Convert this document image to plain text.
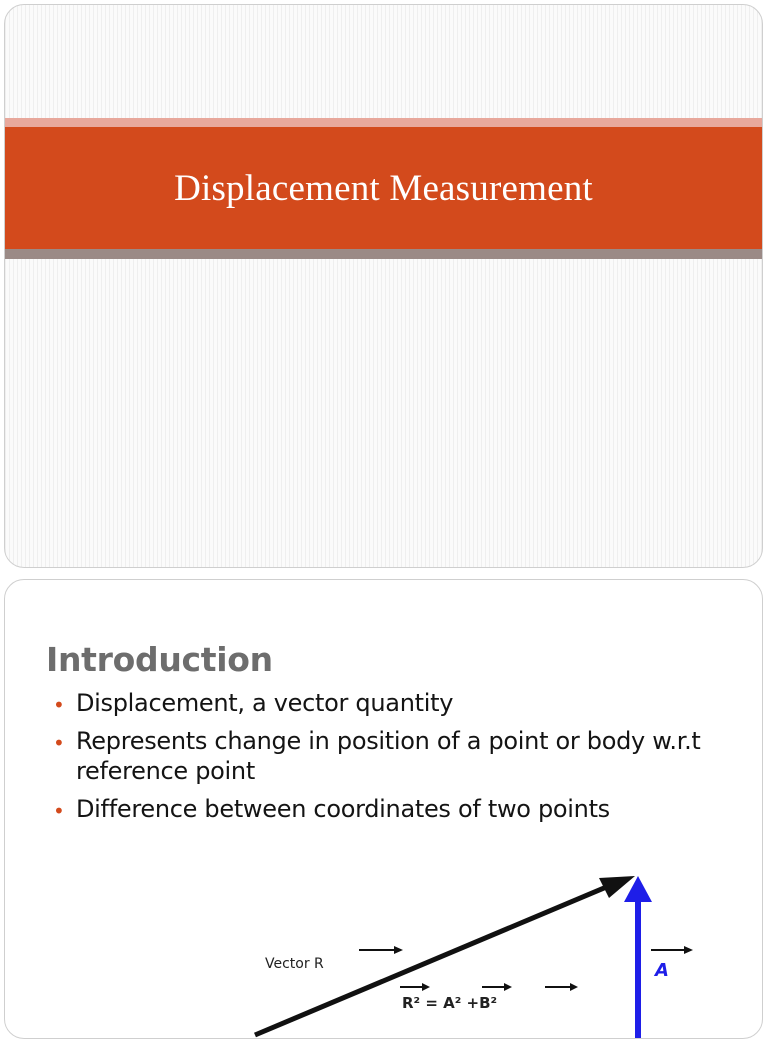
Displacement Measurement
Introduction
• Displacement, a vector quantity
• Represents change in position of a point or body w.r.t reference point
• Difference between coordinates of two points
Vector R	A
R² = A² +B²
